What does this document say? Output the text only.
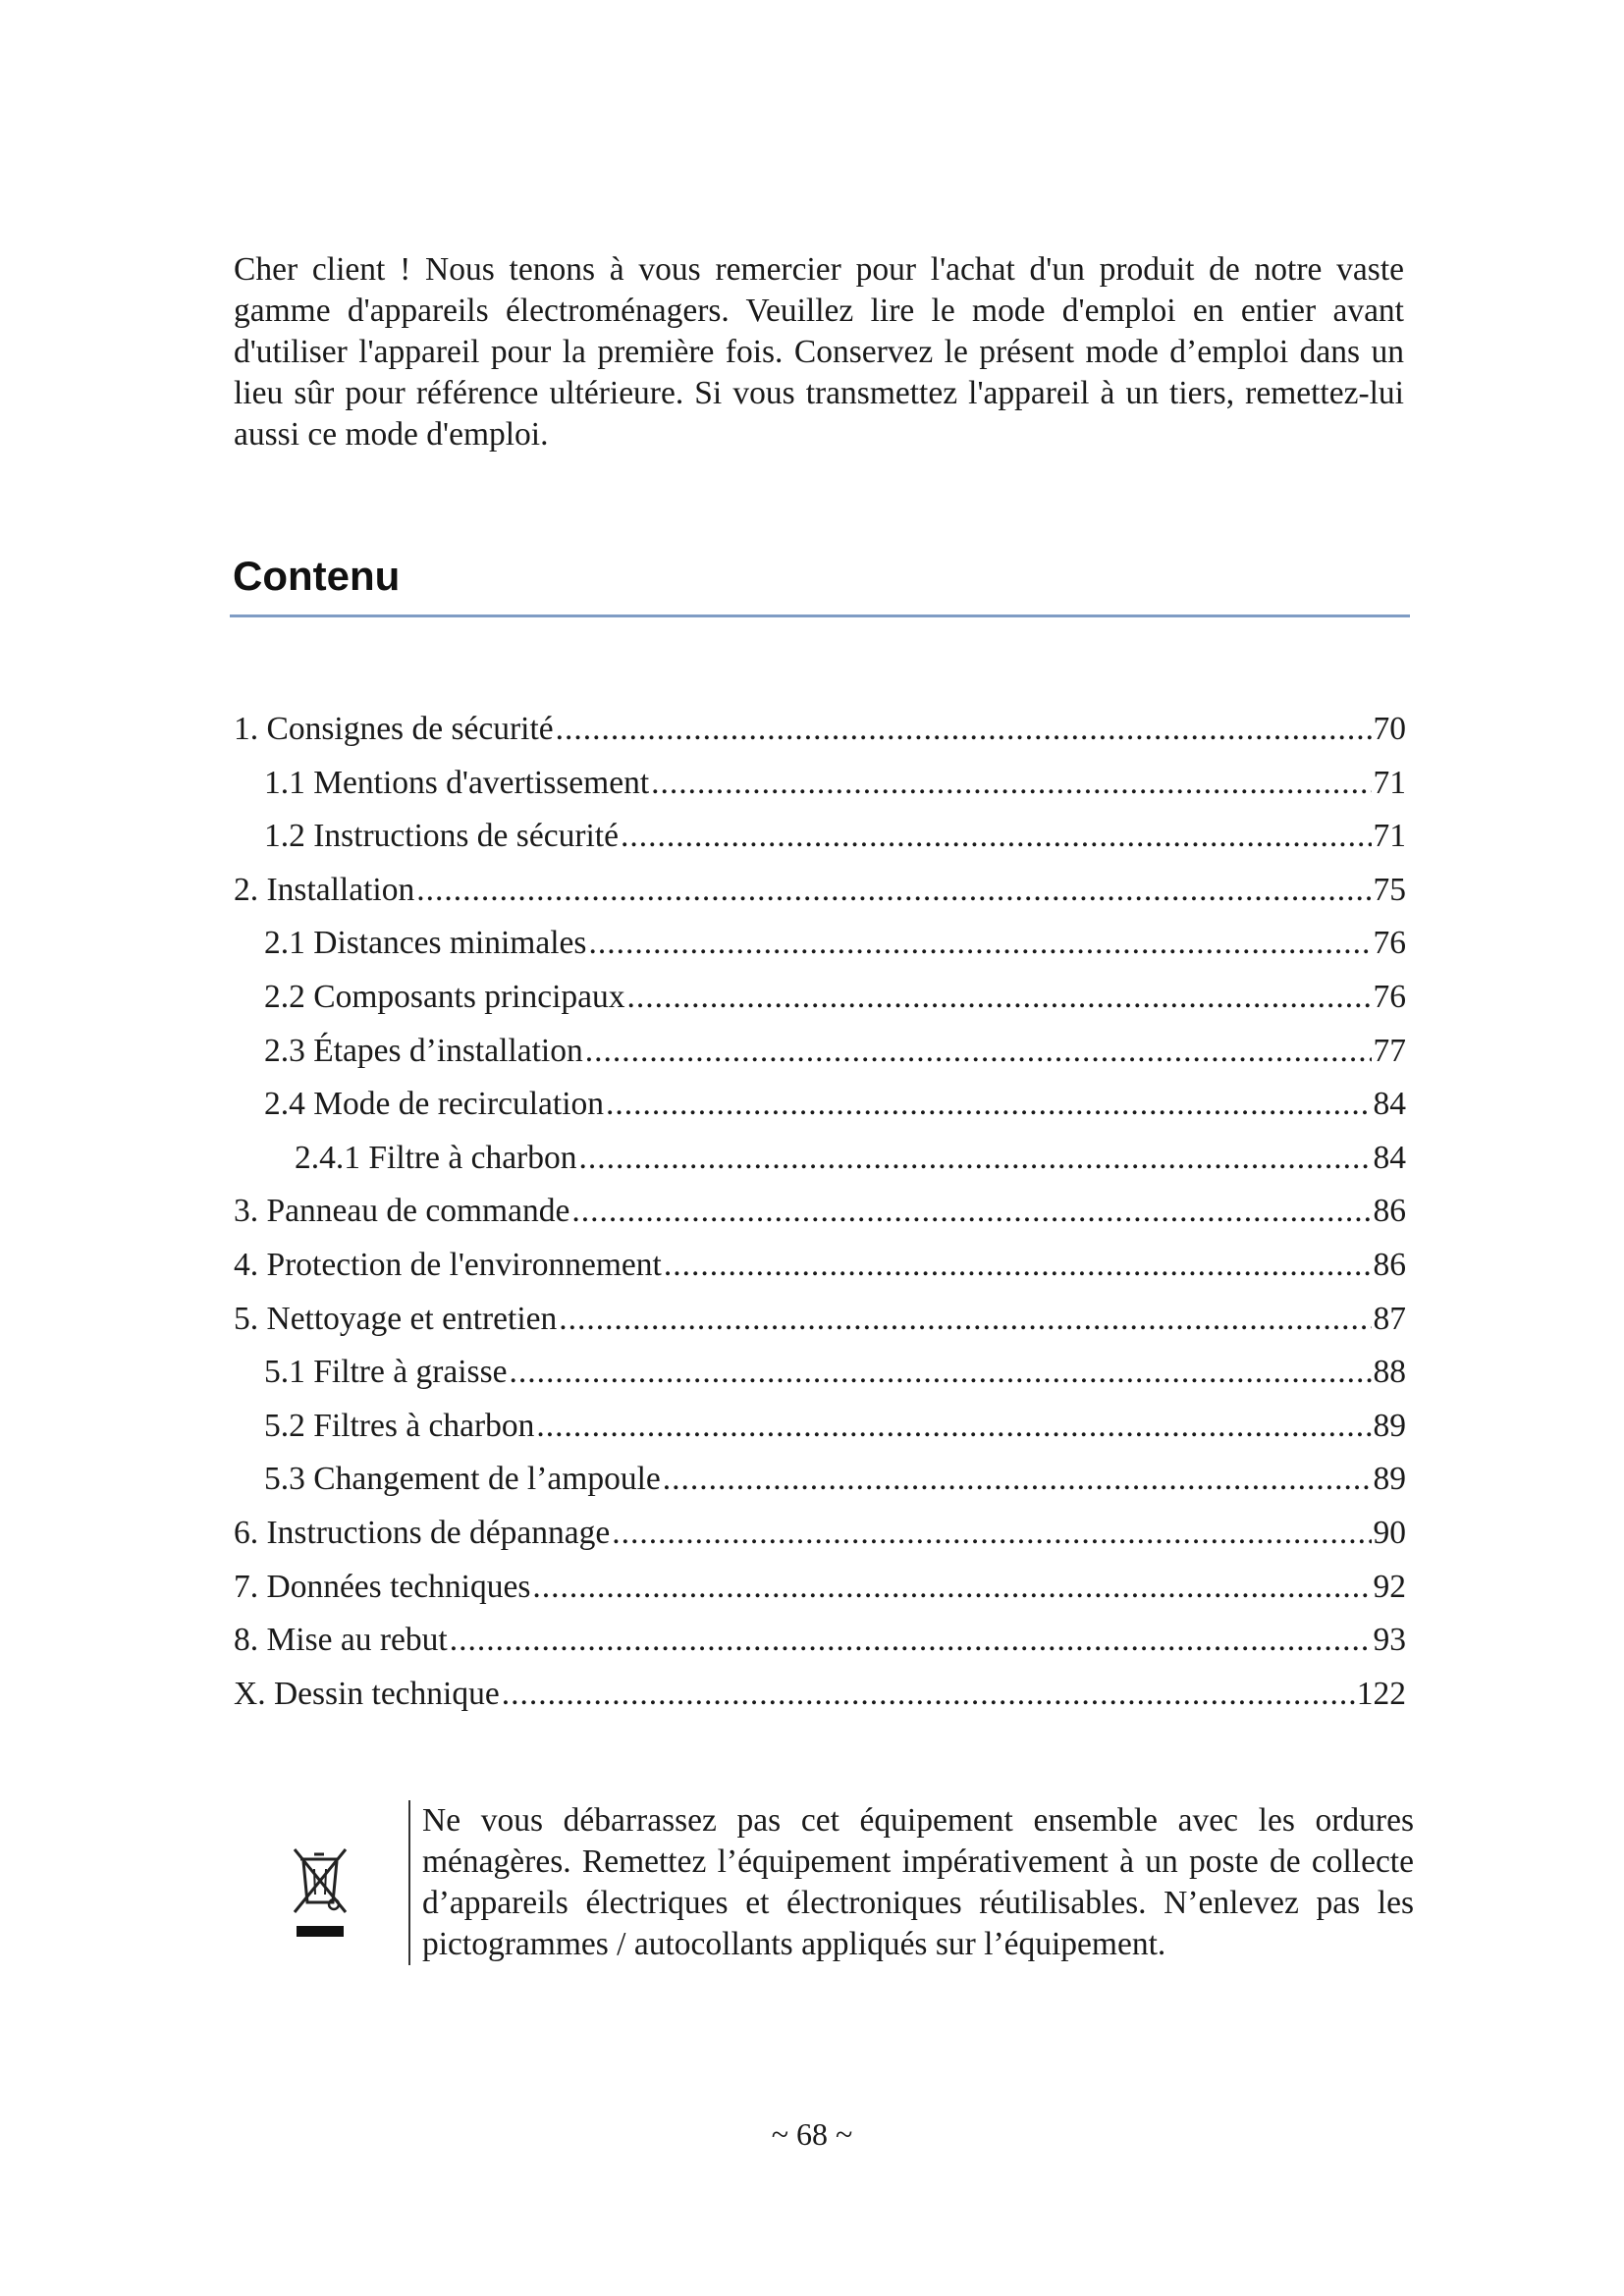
Cher client ! Nous tenons à vous remercier pour l'achat d'un produit de notre vaste gamme d'appareils électroménagers. Veuillez lire le mode d'emploi en entier avant d'utiliser l'appareil pour la première fois. Conservez le présent mode d’emploi dans un lieu sûr pour référence ultérieure. Si vous transmettez l'appareil à un tiers, remettez-lui aussi ce mode d'emploi.
Contenu
1. Consignes de sécurité .....	70
1.1 Mentions d'avertissement .....	71
1.2 Instructions de sécurité .....	71
2. Installation .....	75
2.1 Distances minimales .....	76
2.2 Composants principaux .....	76
2.3 Étapes d’installation .....	77
2.4 Mode de recirculation .....	84
2.4.1 Filtre à charbon .....	84
3. Panneau de commande .....	86
4. Protection de l'environnement .....	86
5. Nettoyage et entretien .....	87
5.1 Filtre à graisse .....	88
5.2 Filtres à charbon .....	89
5.3 Changement de l’ampoule .....	89
6. Instructions de dépannage .....	90
7. Données techniques .....	92
8. Mise au rebut .....	93
X. Dessin technique .....	122
Ne vous débarrassez pas cet équipement ensemble avec les ordures ménagères. Remettez l’équipement impérativement à un poste de collecte d’appareils électriques et électroniques réutilisables. N’enlevez pas les pictogrammes / autocollants appliqués sur l’équipement.
~ 68 ~
